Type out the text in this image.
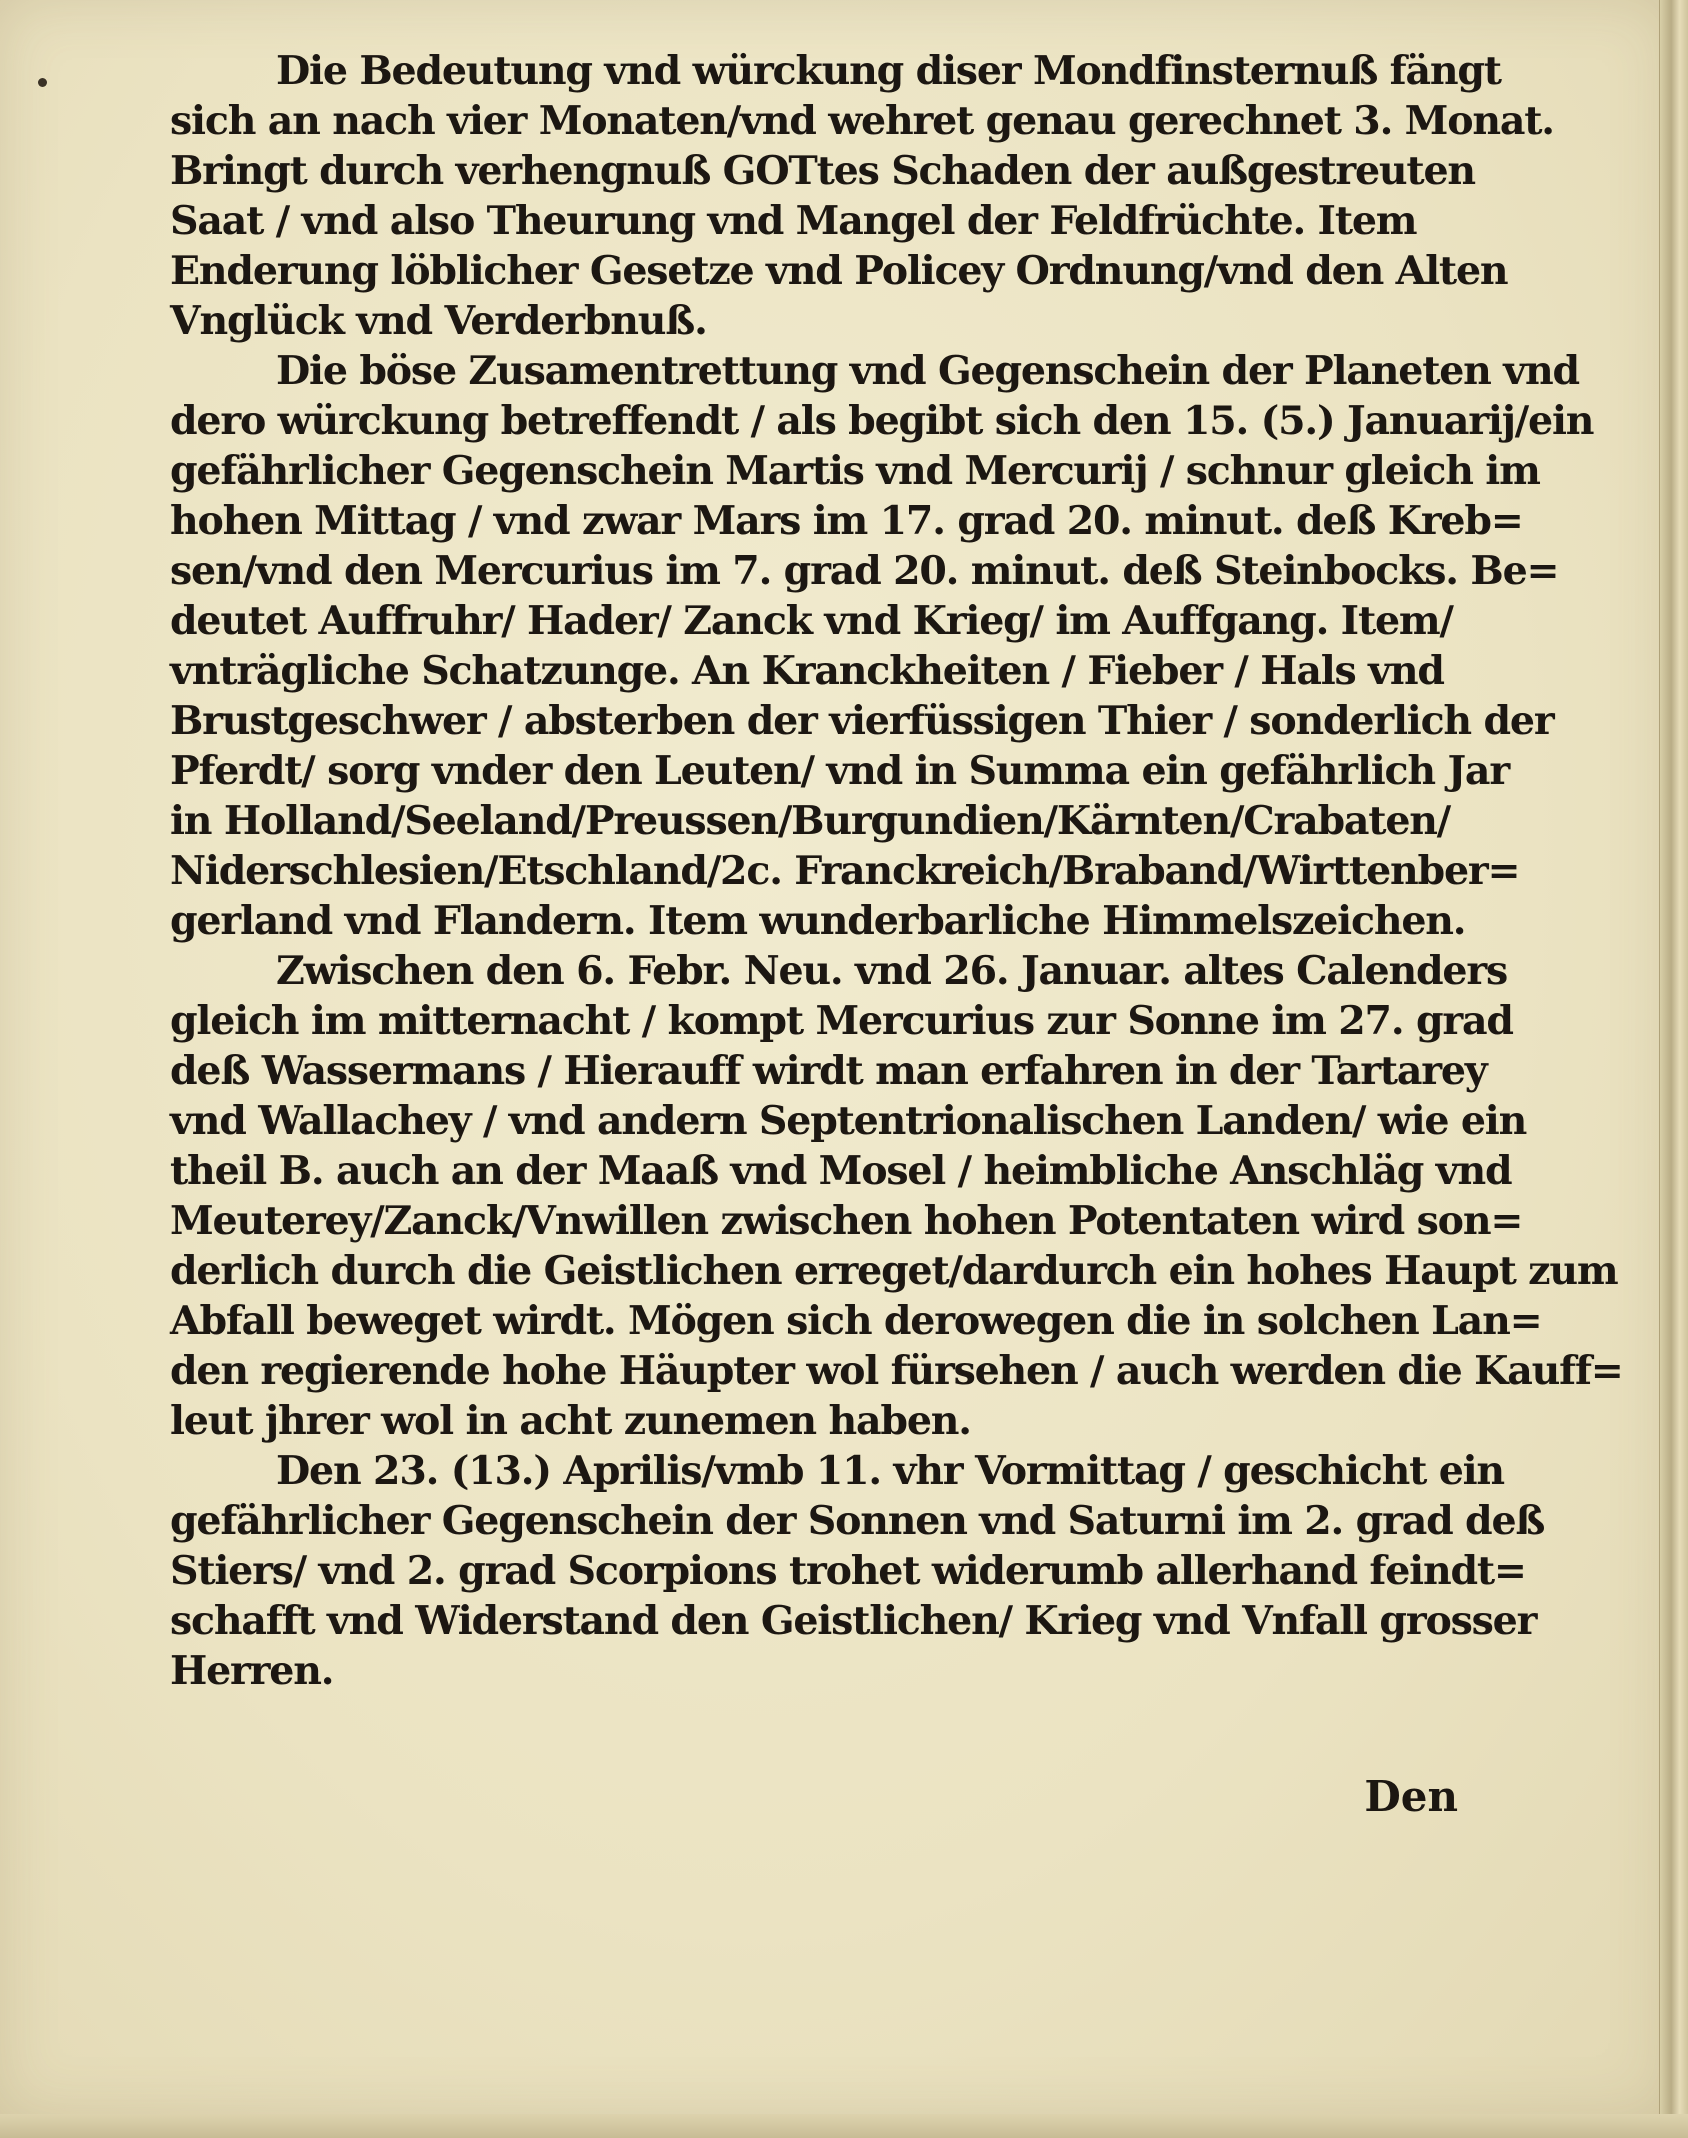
Die Bedeutung vnd würckung diser Mondfinsternuß fängt
sich an nach vier Monaten/vnd wehret genau gerechnet 3. Monat.
Bringt durch verhengnuß GOTtes Schaden der außgestreuten
Saat / vnd also Theurung vnd Mangel der Feldfrüchte. Item
Enderung löblicher Gesetze vnd Policey Ordnung/vnd den Alten
Vnglück vnd Verderbnuß.
Die böse Zusamentrettung vnd Gegenschein der Planeten vnd
dero würckung betreffendt / als begibt sich den 15. (5.) Januarij/ein
gefährlicher Gegenschein Martis vnd Mercurij / schnur gleich im
hohen Mittag / vnd zwar Mars im 17. grad 20. minut. deß Kreb=
sen/vnd den Mercurius im 7. grad 20. minut. deß Steinbocks. Be=
deutet Auffruhr/ Hader/ Zanck vnd Krieg/ im Auffgang. Item/
vnträgliche Schatzunge. An Kranckheiten / Fieber / Hals vnd
Brustgeschwer / absterben der vierfüssigen Thier / sonderlich der
Pferdt/ sorg vnder den Leuten/ vnd in Summa ein gefährlich Jar
in Holland/Seeland/Preussen/Burgundien/Kärnten/Crabaten/
Niderschlesien/Etschland/2c. Franckreich/Braband/Wirttenber=
gerland vnd Flandern. Item wunderbarliche Himmelszeichen.
Zwischen den 6. Febr. Neu. vnd 26. Januar. altes Calenders
gleich im mitternacht / kompt Mercurius zur Sonne im 27. grad
deß Wassermans / Hierauff wirdt man erfahren in der Tartarey
vnd Wallachey / vnd andern Septentrionalischen Landen/ wie ein
theil B. auch an der Maaß vnd Mosel / heimbliche Anschläg vnd
Meuterey/Zanck/Vnwillen zwischen hohen Potentaten wird son=
derlich durch die Geistlichen erreget/dardurch ein hohes Haupt zum
Abfall beweget wirdt. Mögen sich derowegen die in solchen Lan=
den regierende hohe Häupter wol fürsehen / auch werden die Kauff=
leut jhrer wol in acht zunemen haben.
Den 23. (13.) Aprilis/vmb 11. vhr Vormittag / geschicht ein
gefährlicher Gegenschein der Sonnen vnd Saturni im 2. grad deß
Stiers/ vnd 2. grad Scorpions trohet widerumb allerhand feindt=
schafft vnd Widerstand den Geistlichen/ Krieg vnd Vnfall grosser
Herren.
Den
